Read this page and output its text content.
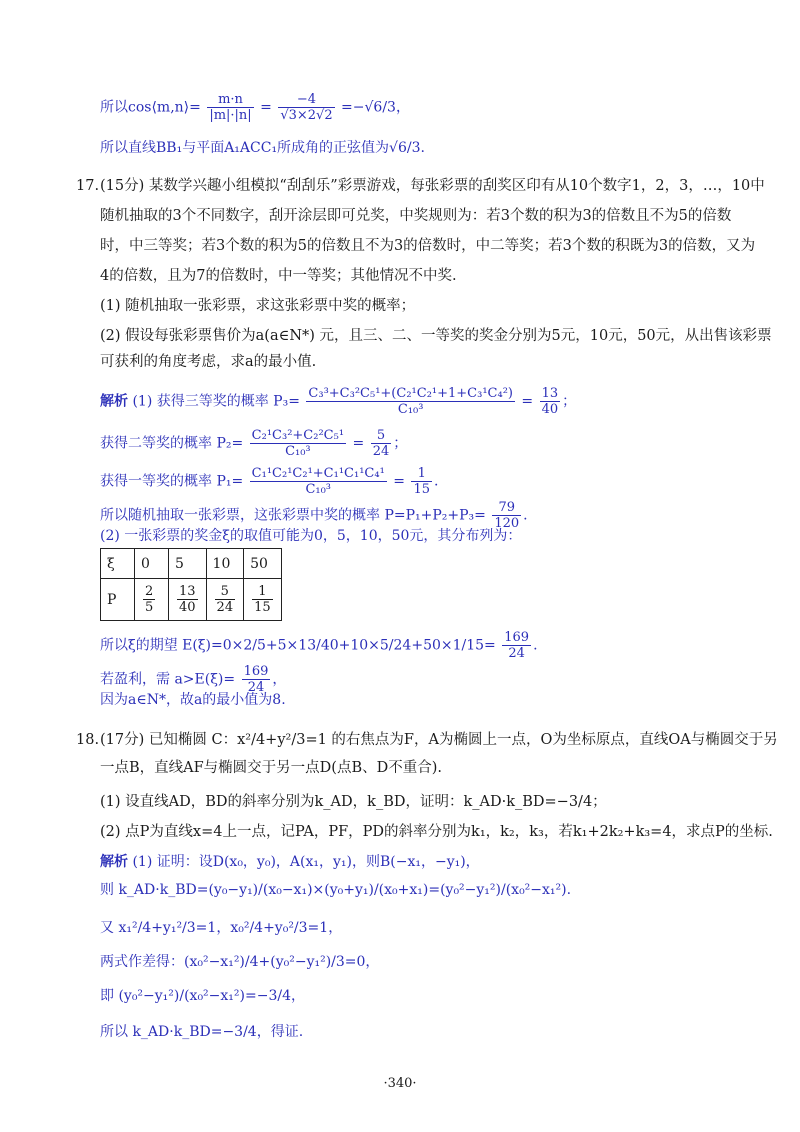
所以cos⟨m,n⟩= $\frac{m\cdot n}{|m|\cdot|n|} = \frac{-4}{√3\times 2√2} =-√6/3$，
所以直线BB₁与平面A₁ACC₁所成角的正弦值为√6/3.
17. (15分) 某数学兴趣小组模拟“刮刮乐”彩票游戏，每张彩票的刮奖区印有从10个数字1，2，3，…，10中
随机抽取的3个不同数字，刮开涂层即可兑奖，中奖规则为：若3个数的积为3的倍数且不为5的倍数
时，中三等奖；若3个数的积为5的倍数且不为3的倍数时，中二等奖；若3个数的积既为3的倍数，又为
4的倍数，且为7的倍数时，中一等奖；其他情况不中奖.
(1) 随机抽取一张彩票，求这张彩票中奖的概率；
(2) 假设每张彩票售价为a(a∈N*) 元，且三、二、一等奖的奖金分别为5元，10元，50元，从出售该彩票
可获利的角度考虑，求a的最小值.
解析 (1) 获得三等奖的概率 $P_3= \frac{\text{C₃³+C₃²C₅¹+(C₂¹C₂¹+1+C₃¹C₄²)}}{\text{C₁₀³}} = \frac{13}{40}$ ；
获得二等奖的概率 $P_2= \frac{\text{C₂¹C₃²+C₂²C₅¹}}{\text{C₁₀³}} = \frac{5}{24}$ ；
获得一等奖的概率 $P_1= \frac{\text{C₁¹C₂¹C₂¹+C₁¹C₁¹C₄¹}}{\text{C₁₀³}} = \frac{1}{15}$ .
所以随机抽取一张彩票，这张彩票中奖的概率 $P=P_1+P_2+P_3= \frac{79}{120}$ .
(2) 一张彩票的奖金ξ的取值可能为0，5，10，50元，其分布列为：
ξ	0	5	10	50
P	$\frac{2}{5}$	$\frac{13}{40}$	$\frac{5}{24}$	$\frac{1}{15}$
所以ξ的期望 $E(\xi)=0\times 2/5+5\times 13/40+10\times 5/24+50\times 1/15= \frac{169}{24}$ .
若盈利，需 $a>E(\xi)= \frac{169}{24}$ ，
因为a∈N*，故a的最小值为8.
18. (17分) 已知椭圆 C：x²/4+y²/3=1 的右焦点为F，A为椭圆上一点，O为坐标原点，直线OA与椭圆交于另
一点B，直线AF与椭圆交于另一点D(点B、D不重合).
(1) 设直线AD，BD的斜率分别为k_AD，k_BD，证明：k_AD·k_BD=−3/4；
(2) 点P为直线x=4上一点，记PA，PF，PD的斜率分别为k₁，k₂，k₃，若k₁+2k₂+k₃=4，求点P的坐标.
解析 (1) 证明：设D(x₀，y₀)，A(x₁，y₁)，则B(−x₁，−y₁)，
则 k_AD·k_BD=(y₀−y₁)/(x₀−x₁)×(y₀+y₁)/(x₀+x₁)=(y₀²−y₁²)/(x₀²−x₁²).
又 x₁²/4+y₁²/3=1，x₀²/4+y₀²/3=1，
两式作差得：(x₀²−x₁²)/4+(y₀²−y₁²)/3=0，
即 (y₀²−y₁²)/(x₀²−x₁²)=−3/4，
所以 k_AD·k_BD=−3/4，得证.
·340·
